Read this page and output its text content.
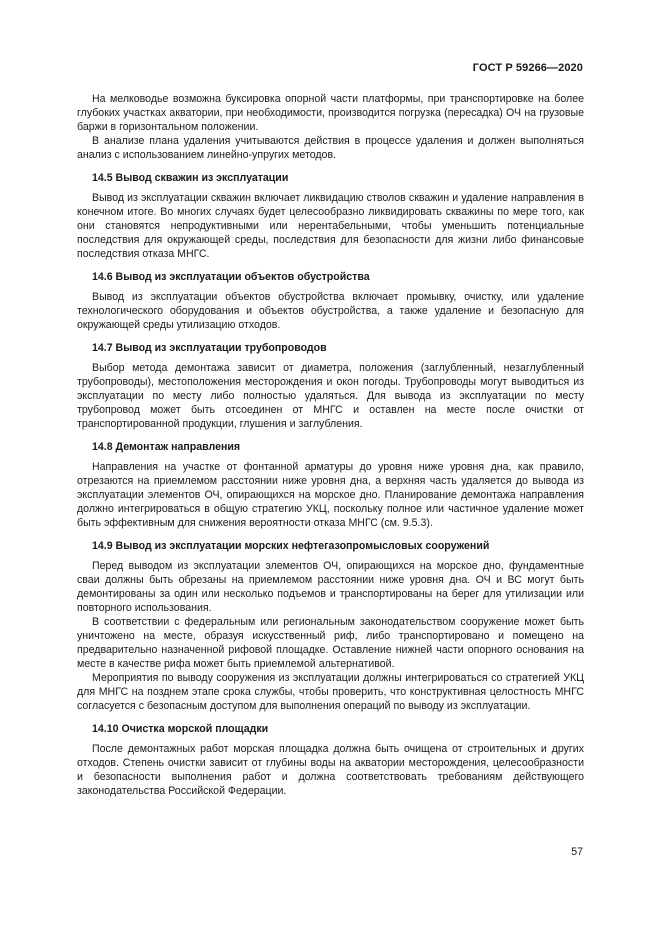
ГОСТ Р 59266—2020

На мелководье возможна буксировка опорной части платформы, при транспортировке на более глубоких участках акватории, при необходимости, производится погрузка (пересадка) ОЧ на грузовые баржи в горизонтальном положении.

В анализе плана удаления учитываются действия в процессе удаления и должен выполняться анализ с использованием линейно-упругих методов.

14.5 Вывод скважин из эксплуатации

Вывод из эксплуатации скважин включает ликвидацию стволов скважин и удаление направления в конечном итоге. Во многих случаях будет целесообразно ликвидировать скважины по мере того, как они становятся непродуктивными или нерентабельными, чтобы уменьшить потенциальные последствия для окружающей среды, последствия для безопасности для жизни либо финансовые последствия отказа МНГС.

14.6 Вывод из эксплуатации объектов обустройства

Вывод из эксплуатации объектов обустройства включает промывку, очистку, или удаление технологического оборудования и объектов обустройства, а также удаление и безопасную для окружающей среды утилизацию отходов.

14.7 Вывод из эксплуатации трубопроводов

Выбор метода демонтажа зависит от диаметра, положения (заглубленный, незаглубленный трубопроводы), местоположения месторождения и окон погоды. Трубопроводы могут выводиться из эксплуатации по месту либо полностью удаляться. Для вывода из эксплуатации по месту трубопровод может быть отсоединен от МНГС и оставлен на месте после очистки от транспортированной продукции, глушения и заглубления.

14.8 Демонтаж направления

Направления на участке от фонтанной арматуры до уровня ниже уровня дна, как правило, отрезаются на приемлемом расстоянии ниже уровня дна, а верхняя часть удаляется до вывода из эксплуатации элементов ОЧ, опирающихся на морское дно. Планирование демонтажа направления должно интегрироваться в общую стратегию УКЦ, поскольку полное или частичное удаление может быть эффективным для снижения вероятности отказа МНГС (см. 9.5.3).

14.9 Вывод из эксплуатации морских нефтегазопромысловых сооружений

Перед выводом из эксплуатации элементов ОЧ, опирающихся на морское дно, фундаментные сваи должны быть обрезаны на приемлемом расстоянии ниже уровня дна. ОЧ и ВС могут быть демонтированы за один или несколько подъемов и транспортированы на берег для утилизации или повторного использования.

В соответствии с федеральным или региональным законодательством сооружение может быть уничтожено на месте, образуя искусственный риф, либо транспортировано и помещено на предварительно назначенной рифовой площадке. Оставление нижней части опорного основания на месте в качестве рифа может быть приемлемой альтернативой.

Мероприятия по выводу сооружения из эксплуатации должны интегрироваться со стратегией УКЦ для МНГС на позднем этапе срока службы, чтобы проверить, что конструктивная целостность МНГС согласуется с безопасным доступом для выполнения операций по выводу из эксплуатации.

14.10 Очистка морской площадки

После демонтажных работ морская площадка должна быть очищена от строительных и других отходов. Степень очистки зависит от глубины воды на акватории месторождения, целесообразности и безопасности выполнения работ и должна соответствовать требованиям действующего законодательства Российской Федерации.

57
